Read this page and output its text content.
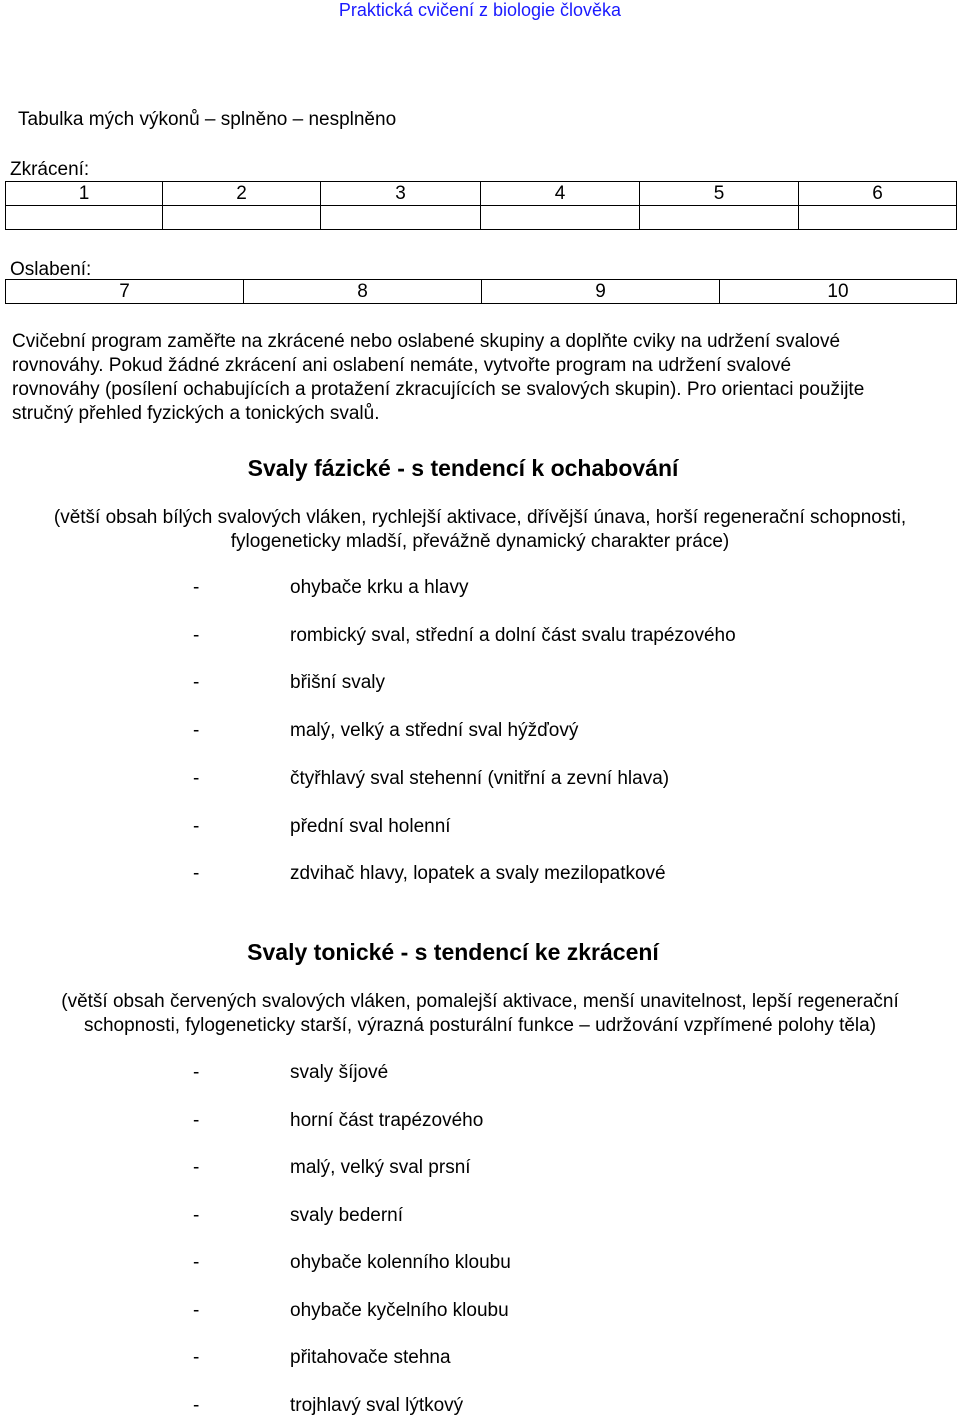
Praktická cvičení z biologie člověka
Tabulka mých výkonů – splněno – nesplněno
Zkrácení:
1	2	3	4	5	6

Oslabení:
7	8	9	10
Cvičební program zaměřte na zkrácené nebo oslabené skupiny a doplňte cviky na udržení svalové
rovnováhy. Pokud žádné zkrácení ani oslabení nemáte, vytvořte program na udržení svalové
rovnováhy (posílení ochabujících a protažení zkracujících se svalových skupin). Pro orientaci použijte
stručný přehled fyzických a tonických svalů.
Svaly fázické - s tendencí k ochabování
(větší obsah bílých svalových vláken, rychlejší aktivace, dřívější únava, horší regenerační schopnosti,
fylogeneticky mladší, převážně dynamický charakter práce)
-	ohybače krku a hlavy
-	rombický sval, střední a dolní část svalu trapézového
-	břišní svaly
-	malý, velký a střední sval hýžďový
-	čtyřhlavý sval stehenní (vnitřní a zevní hlava)
-	přední sval holenní
-	zdvihač hlavy, lopatek a svaly mezilopatkové
Svaly tonické - s tendencí ke zkrácení
(větší obsah červených svalových vláken, pomalejší aktivace, menší unavitelnost, lepší regenerační
schopnosti, fylogeneticky starší, výrazná posturální funkce – udržování vzpřímené polohy těla)
-	svaly šíjové
-	horní část trapézového
-	malý, velký sval prsní
-	svaly bederní
-	ohybače kolenního kloubu
-	ohybače kyčelního kloubu
-	přitahovače stehna
-	trojhlavý sval lýtkový
